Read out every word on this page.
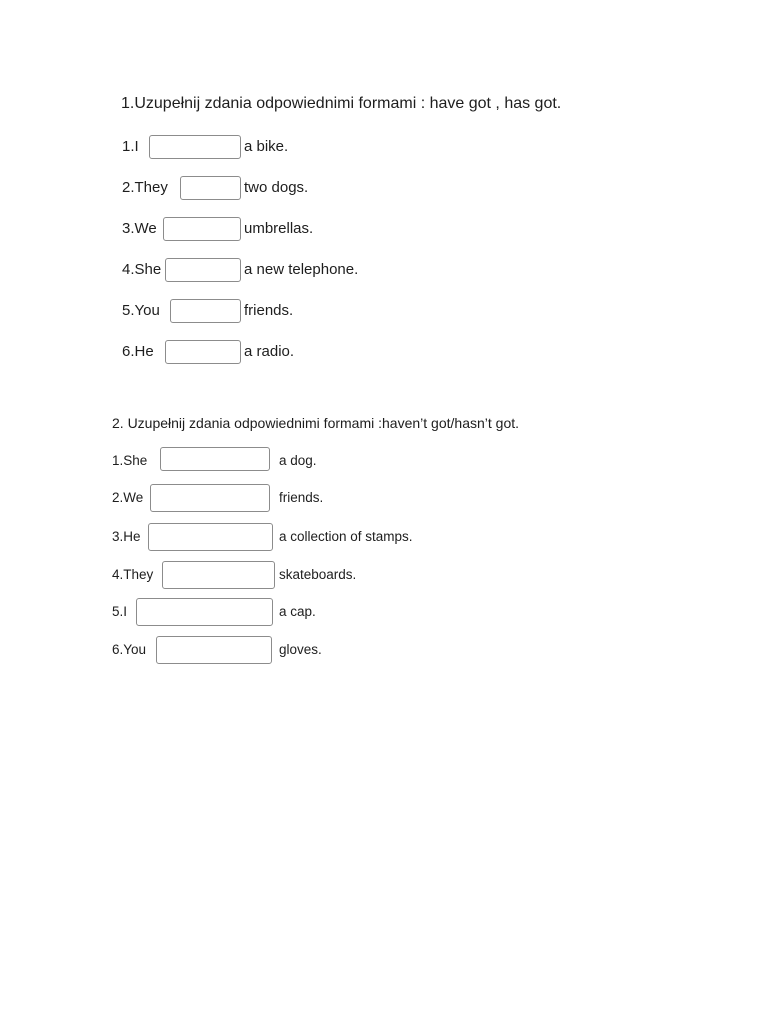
1.Uzupełnij zdania odpowiednimi formami : have got , has got.
1.I	a bike.
2.They	two dogs.
3.We	umbrellas.
4.She	a new telephone.
5.You	friends.
6.He	a radio.
2. Uzupełnij zdania odpowiednimi formami :haven’t got/hasn’t got.
1.She	a dog.
2.We	friends.
3.He	a collection of stamps.
4.They	skateboards.
5.I	a cap.
6.You	gloves.
